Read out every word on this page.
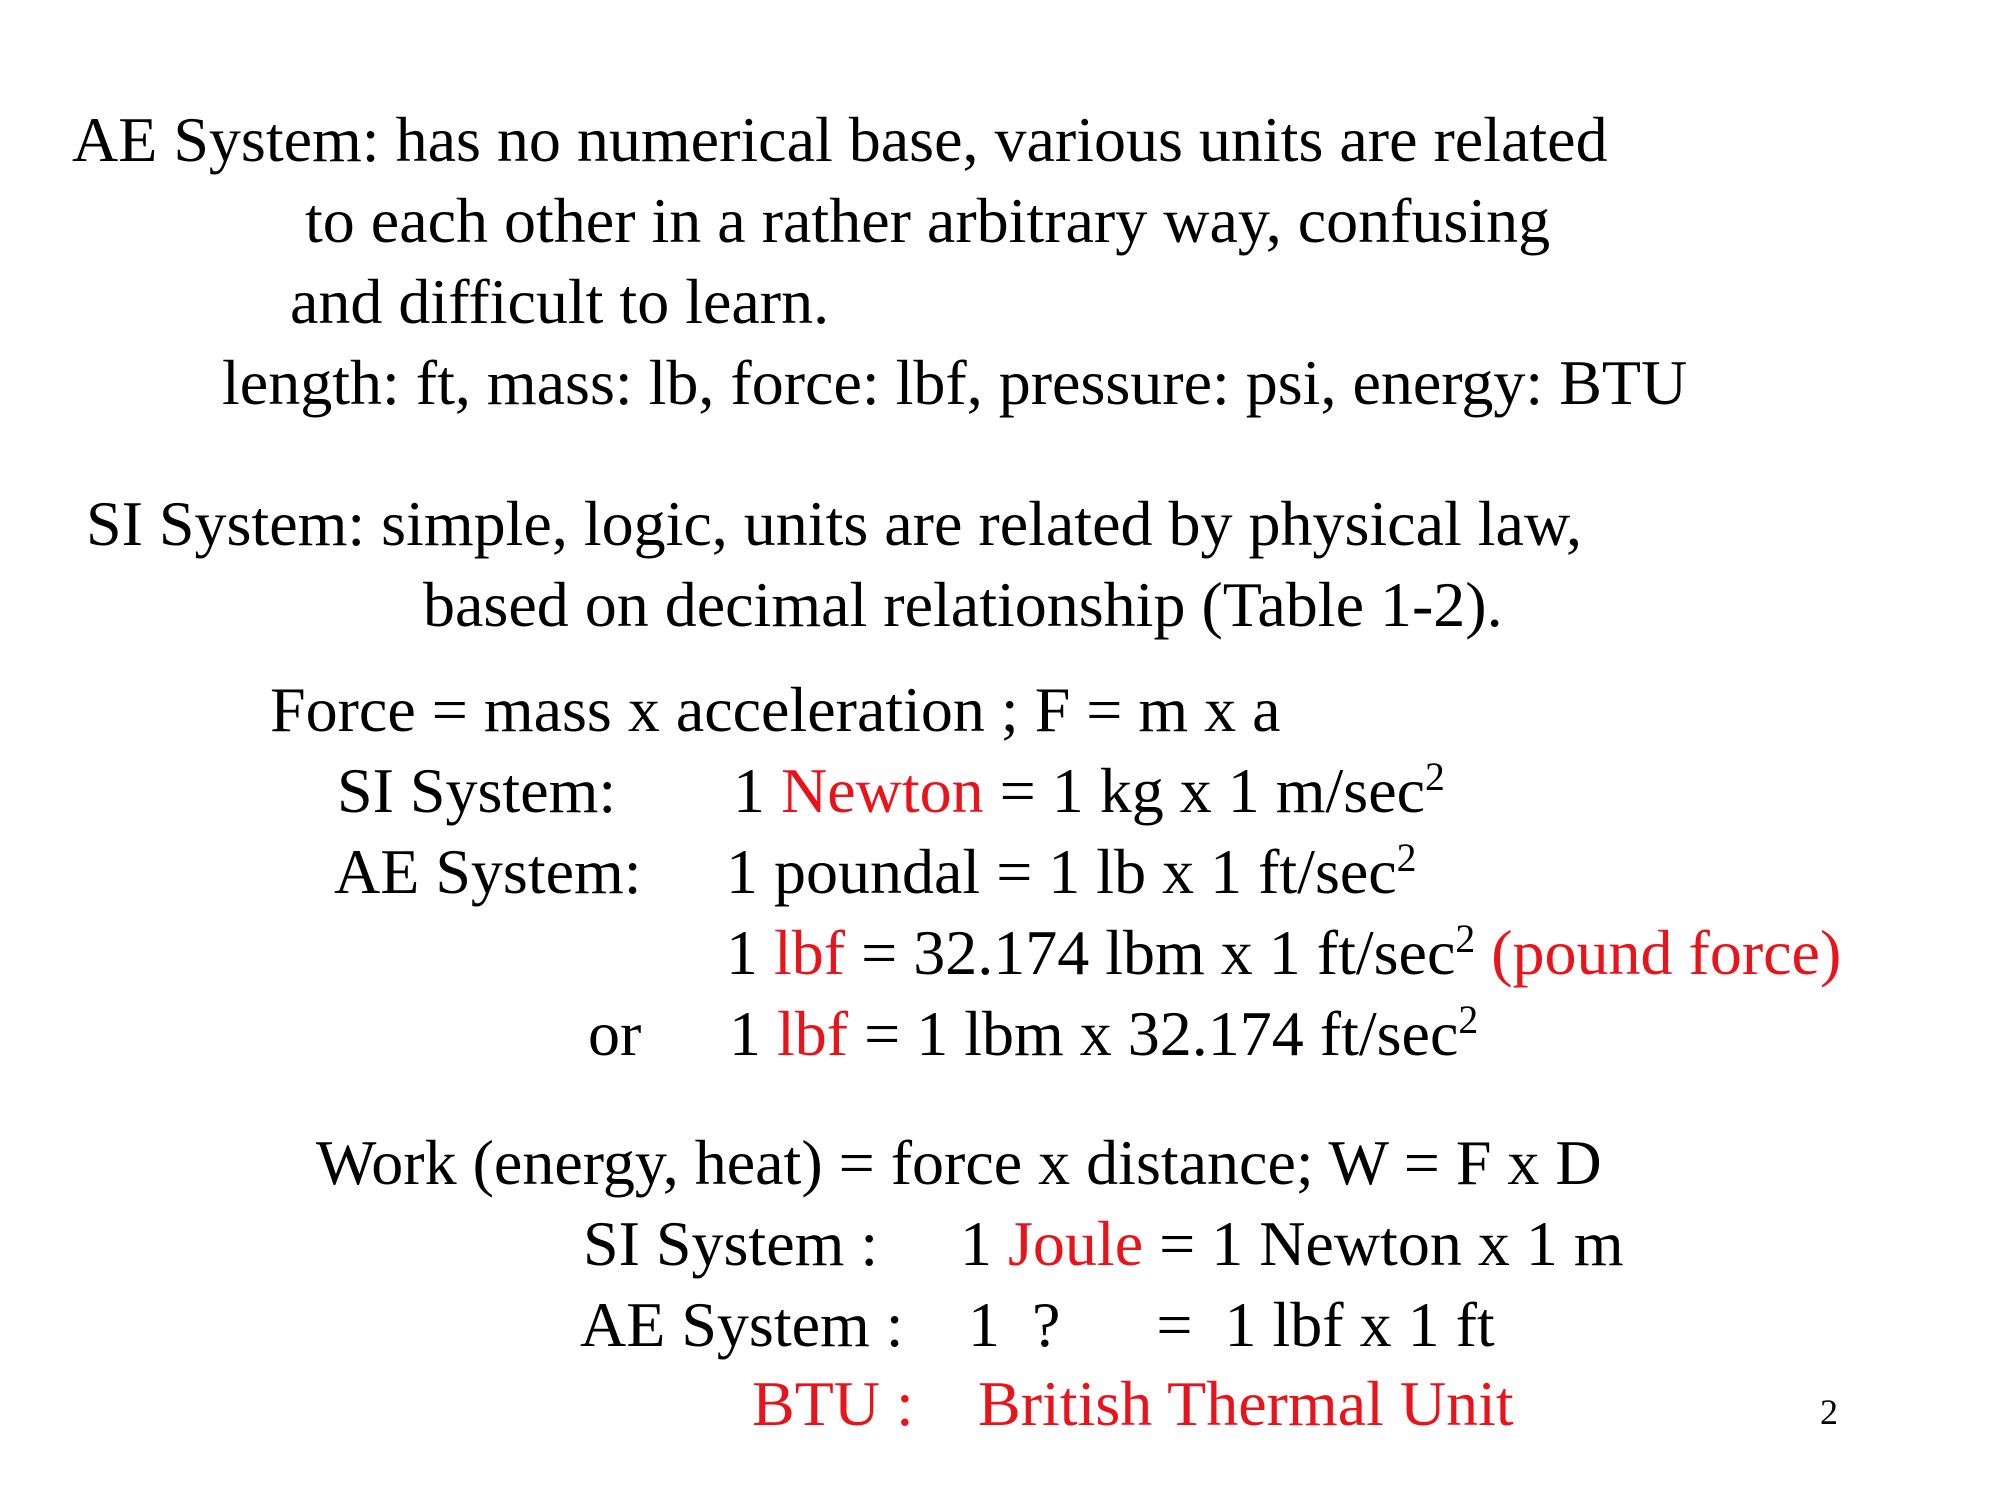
AE System: has no numerical base, various units are related
to each other in a rather arbitrary way, confusing
and difficult to learn.
length: ft, mass: lb, force: lbf, pressure: psi, energy: BTU
SI System: simple, logic, units are related by physical law,
based on decimal relationship (Table 1-2).
Force = mass x acceleration ; F = m x a
SI System: 1 Newton = 1 kg x 1 $m/\sec^2$
AE System: 1 poundal = 1 lb x 1 $ft/\sec^2$
1 lbf = 32.174 lbm x 1 $ft/\sec^2$ (pound force)
or 1 lbf = 1 lbm x 32.174 $ft/\sec^2$
Work (energy, heat) = force x distance; W = F x D
SI System : 1 Joule = 1 Newton x 1 m
AE System : 1  ?      =  1 lbf x 1 ft
BTU : British Thermal Unit	2
